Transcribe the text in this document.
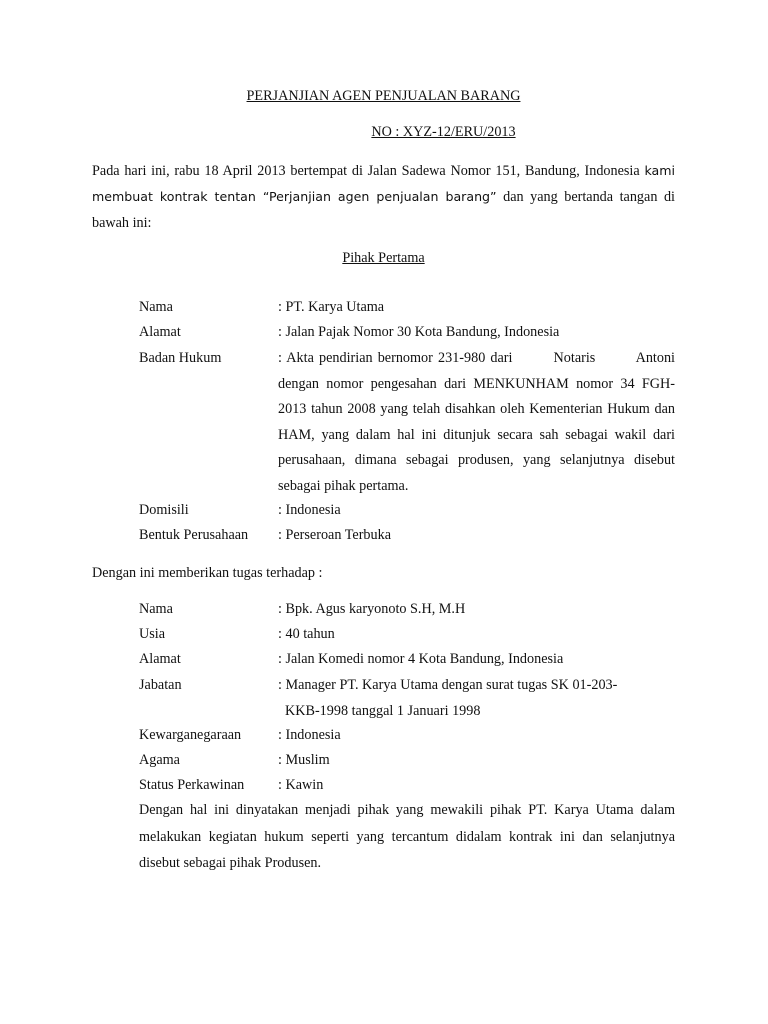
PERJANJIAN AGEN PENJUALAN BARANG
NO : XYZ-12/ERU/2013

Pada hari ini, rabu 18 April 2013 bertempat di Jalan Sadewa Nomor 151, Bandung, Indonesia kami membuat kontrak tentan “Perjanjian agen penjualan barang” dan yang bertanda tangan di bawah ini:

Pihak Pertama
Nama	: PT. Karya Utama
Alamat	: Jalan Pajak Nomor 30 Kota Bandung, Indonesia
Badan Hukum	: Akta pendirian bernomor 231-980 dari        Notaris        Antoni dengan nomor pengesahan dari MENKUNHAM nomor 34 FGH-2013 tahun 2008 yang telah disahkan oleh Kementerian Hukum dan HAM, yang dalam hal ini ditunjuk secara sah sebagai wakil dari perusahaan, dimana sebagai produsen, yang selanjutnya disebut sebagai pihak pertama.
Domisili	: Indonesia
Bentuk Perusahaan : Perseroan Terbuka

Dengan ini memberikan tugas terhadap :

Nama	: Bpk. Agus karyonoto S.H, M.H
Usia	: 40 tahun
Alamat	: Jalan Komedi nomor 4 Kota Bandung, Indonesia
Jabatan	: Manager PT. Karya Utama dengan surat tugas SK 01-203-
KKB-1998 tanggal 1 Januari 1998
Kewarganegaraan	: Indonesia
Agama	: Muslim
Status Perkawinan : Kawin

Dengan hal ini dinyatakan menjadi pihak yang mewakili pihak PT. Karya Utama dalam melakukan kegiatan hukum seperti yang tercantum didalam kontrak ini dan selanjutnya disebut sebagai pihak Produsen.
